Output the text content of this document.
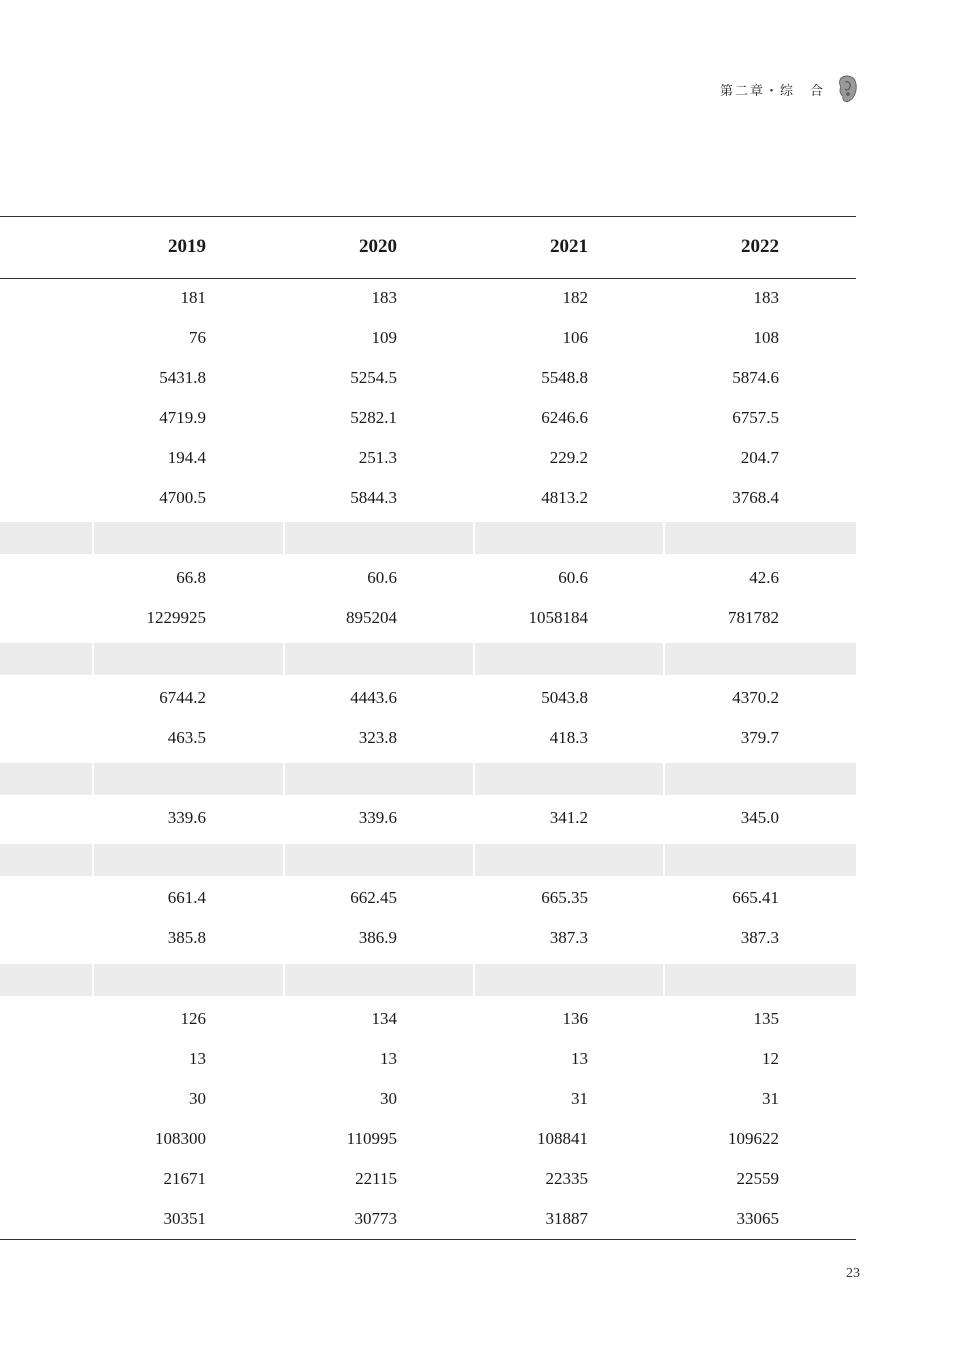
第二章・综　合
2019	2020	2021	2022
181	183	182	183
76	109	106	108
5431.8	5254.5	5548.8	5874.6
4719.9	5282.1	6246.6	6757.5
194.4	251.3	229.2	204.7
4700.5	5844.3	4813.2	3768.4
66.8	60.6	60.6	42.6
1229925	895204	1058184	781782
6744.2	4443.6	5043.8	4370.2
463.5	323.8	418.3	379.7
339.6	339.6	341.2	345.0
661.4	662.45	665.35	665.41
385.8	386.9	387.3	387.3
126	134	136	135
13	13	13	12
30	30	31	31
108300	110995	108841	109622
21671	22115	22335	22559
30351	30773	31887	33065
23
